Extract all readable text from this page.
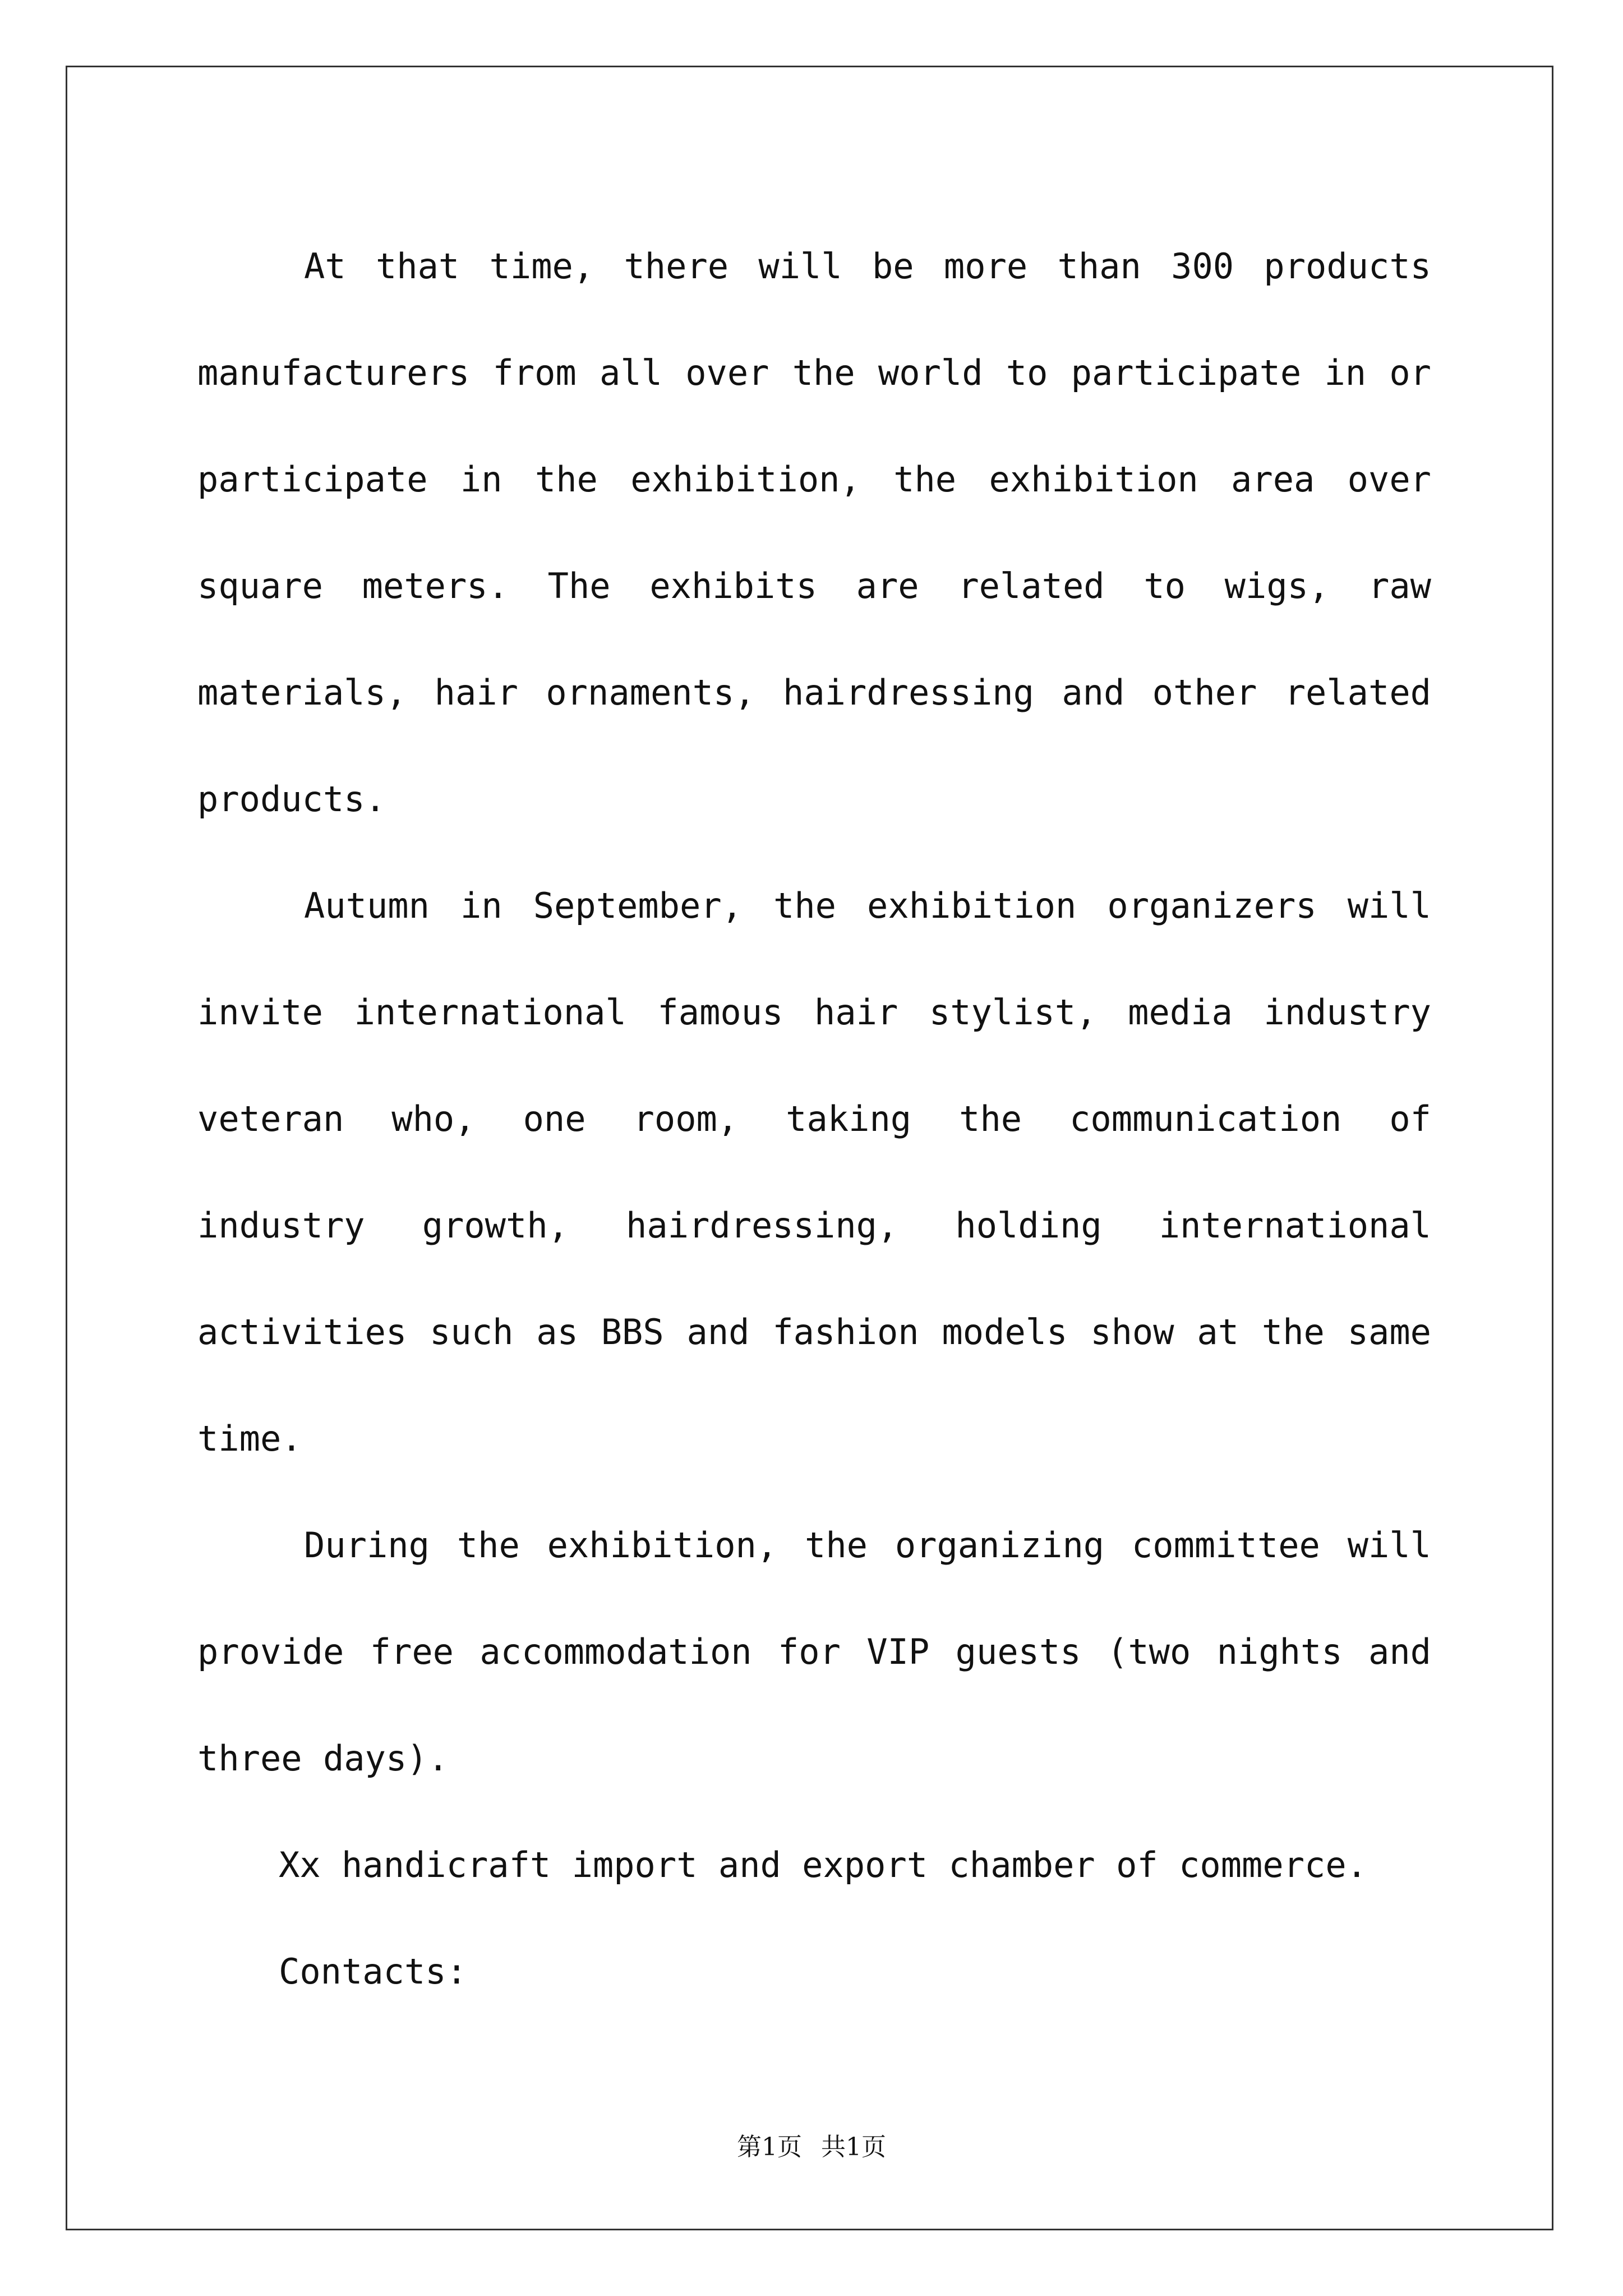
At that time, there will be more than 300 products
manufacturers from all over the world to participate in or
participate in the exhibition, the exhibition area over
square meters. The exhibits are related to wigs, raw
materials, hair ornaments, hairdressing and other related
products.
Autumn in September, the exhibition organizers will
invite international famous hair stylist, media industry
veteran who, one room, taking the communication of
industry growth, hairdressing, holding international
activities such as BBS and fashion models show at the same
time.
During the exhibition, the organizing committee will
provide free accommodation for VIP guests (two nights and
three days).
Xx handicraft import and export chamber of commerce.
Contacts:
第1页 共1页
